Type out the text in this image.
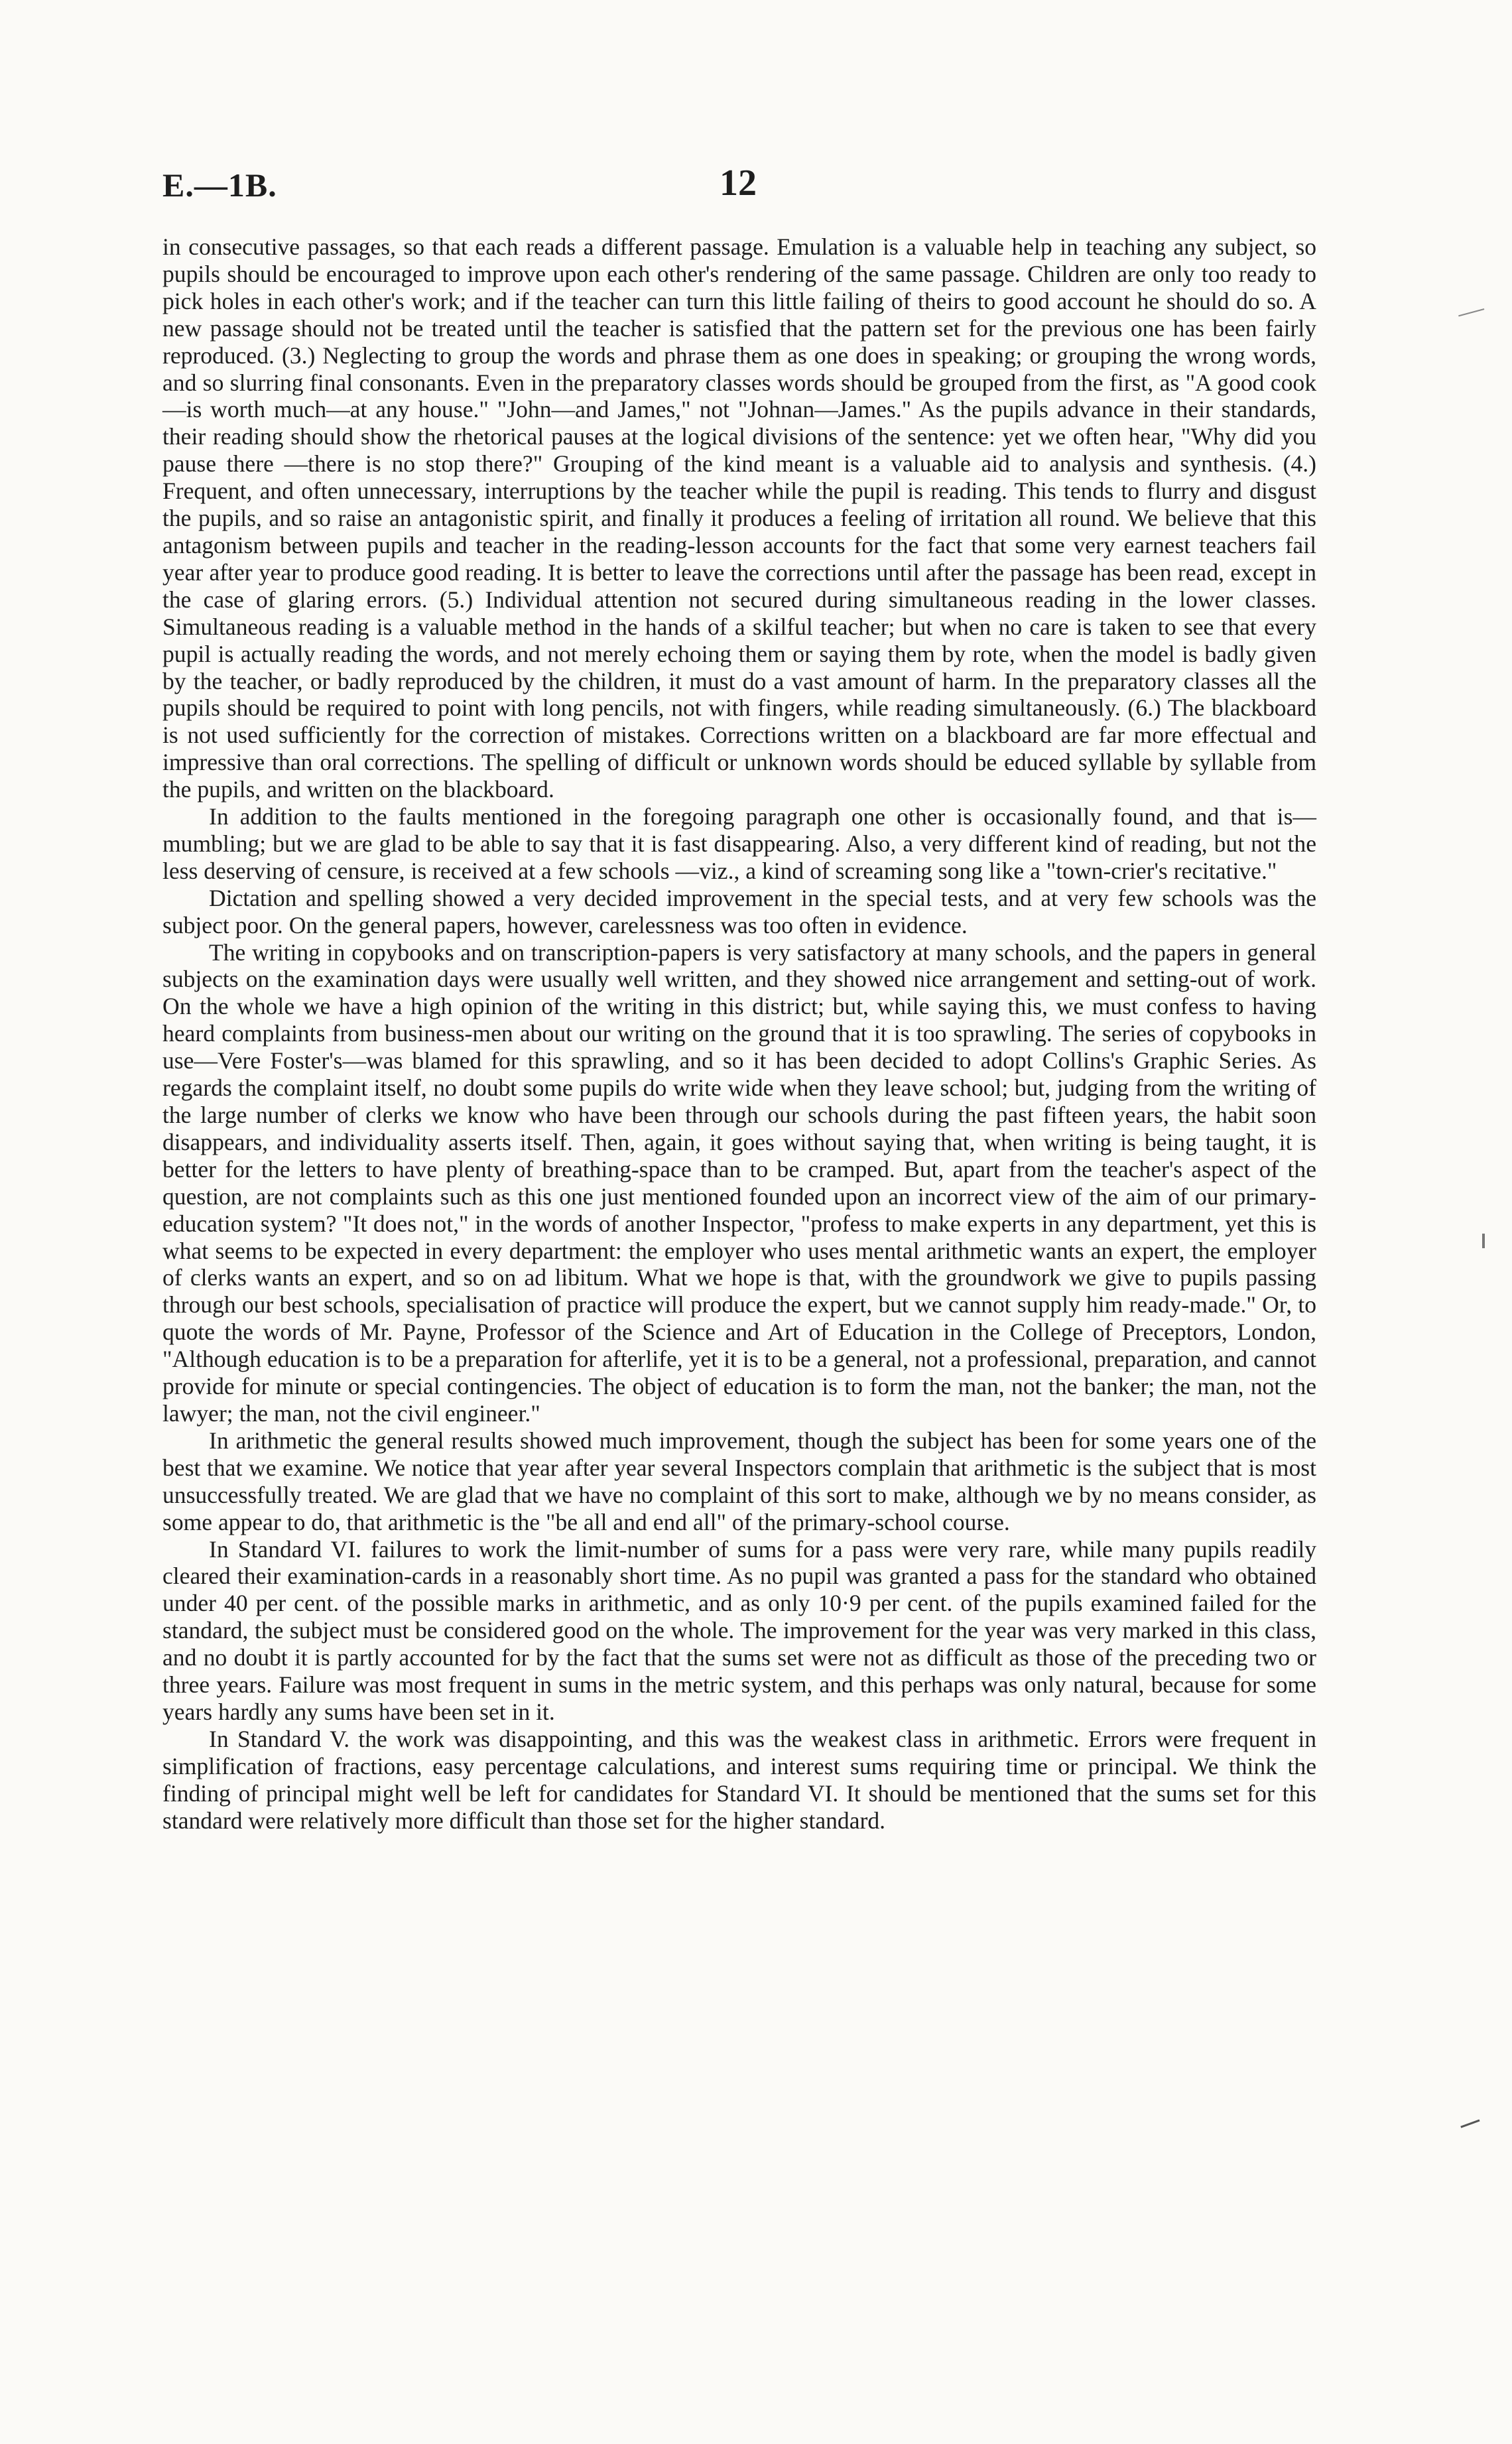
E.—1B.	12

in consecutive passages, so that each reads a different passage. Emulation is a valuable help in teaching any subject, so pupils should be encouraged to improve upon each other's rendering of the same passage. Children are only too ready to pick holes in each other's work; and if the teacher can turn this little failing of theirs to good account he should do so. A new passage should not be treated until the teacher is satisfied that the pattern set for the previous one has been fairly reproduced. (3.) Neglecting to group the words and phrase them as one does in speaking; or grouping the wrong words, and so slurring final consonants. Even in the preparatory classes words should be grouped from the first, as "A good cook—is worth much—at any house." "John—and James," not "Johnan—James." As the pupils advance in their standards, their reading should show the rhetorical pauses at the logical divisions of the sentence: yet we often hear, "Why did you pause there —there is no stop there?" Grouping of the kind meant is a valuable aid to analysis and synthesis. (4.) Frequent, and often unnecessary, interruptions by the teacher while the pupil is reading. This tends to flurry and disgust the pupils, and so raise an antagonistic spirit, and finally it produces a feeling of irritation all round. We believe that this antagonism between pupils and teacher in the reading-lesson accounts for the fact that some very earnest teachers fail year after year to produce good reading. It is better to leave the corrections until after the passage has been read, except in the case of glaring errors. (5.) Individual attention not secured during simultaneous reading in the lower classes. Simultaneous reading is a valuable method in the hands of a skilful teacher; but when no care is taken to see that every pupil is actually reading the words, and not merely echoing them or saying them by rote, when the model is badly given by the teacher, or badly reproduced by the children, it must do a vast amount of harm. In the preparatory classes all the pupils should be required to point with long pencils, not with fingers, while reading simultaneously. (6.) The blackboard is not used sufficiently for the correction of mistakes. Corrections written on a blackboard are far more effectual and impressive than oral corrections. The spelling of difficult or unknown words should be educed syllable by syllable from the pupils, and written on the blackboard.

In addition to the faults mentioned in the foregoing paragraph one other is occasionally found, and that is—mumbling; but we are glad to be able to say that it is fast disappearing. Also, a very different kind of reading, but not the less deserving of censure, is received at a few schools —viz., a kind of screaming song like a "town-crier's recitative."

Dictation and spelling showed a very decided improvement in the special tests, and at very few schools was the subject poor. On the general papers, however, carelessness was too often in evidence.

The writing in copybooks and on transcription-papers is very satisfactory at many schools, and the papers in general subjects on the examination days were usually well written, and they showed nice arrangement and setting-out of work. On the whole we have a high opinion of the writing in this district; but, while saying this, we must confess to having heard complaints from business-men about our writing on the ground that it is too sprawling. The series of copybooks in use—Vere Foster's—was blamed for this sprawling, and so it has been decided to adopt Collins's Graphic Series. As regards the complaint itself, no doubt some pupils do write wide when they leave school; but, judging from the writing of the large number of clerks we know who have been through our schools during the past fifteen years, the habit soon disappears, and individuality asserts itself. Then, again, it goes without saying that, when writing is being taught, it is better for the letters to have plenty of breathing-space than to be cramped. But, apart from the teacher's aspect of the question, are not complaints such as this one just mentioned founded upon an incorrect view of the aim of our primary-education system? "It does not," in the words of another Inspector, "profess to make experts in any department, yet this is what seems to be expected in every department: the employer who uses mental arithmetic wants an expert, the employer of clerks wants an expert, and so on ad libitum. What we hope is that, with the groundwork we give to pupils passing through our best schools, specialisation of practice will produce the expert, but we cannot supply him ready-made." Or, to quote the words of Mr. Payne, Professor of the Science and Art of Education in the College of Preceptors, London, "Although education is to be a preparation for afterlife, yet it is to be a general, not a professional, preparation, and cannot provide for minute or special contingencies. The object of education is to form the man, not the banker; the man, not the lawyer; the man, not the civil engineer."

In arithmetic the general results showed much improvement, though the subject has been for some years one of the best that we examine. We notice that year after year several Inspectors complain that arithmetic is the subject that is most unsuccessfully treated. We are glad that we have no complaint of this sort to make, although we by no means consider, as some appear to do, that arithmetic is the "be all and end all" of the primary-school course.

In Standard VI. failures to work the limit-number of sums for a pass were very rare, while many pupils readily cleared their examination-cards in a reasonably short time. As no pupil was granted a pass for the standard who obtained under 40 per cent. of the possible marks in arithmetic, and as only 10·9 per cent. of the pupils examined failed for the standard, the subject must be considered good on the whole. The improvement for the year was very marked in this class, and no doubt it is partly accounted for by the fact that the sums set were not as difficult as those of the preceding two or three years. Failure was most frequent in sums in the metric system, and this perhaps was only natural, because for some years hardly any sums have been set in it.

In Standard V. the work was disappointing, and this was the weakest class in arithmetic. Errors were frequent in simplification of fractions, easy percentage calculations, and interest sums requiring time or principal. We think the finding of principal might well be left for candidates for Standard VI. It should be mentioned that the sums set for this standard were relatively more difficult than those set for the higher standard.
